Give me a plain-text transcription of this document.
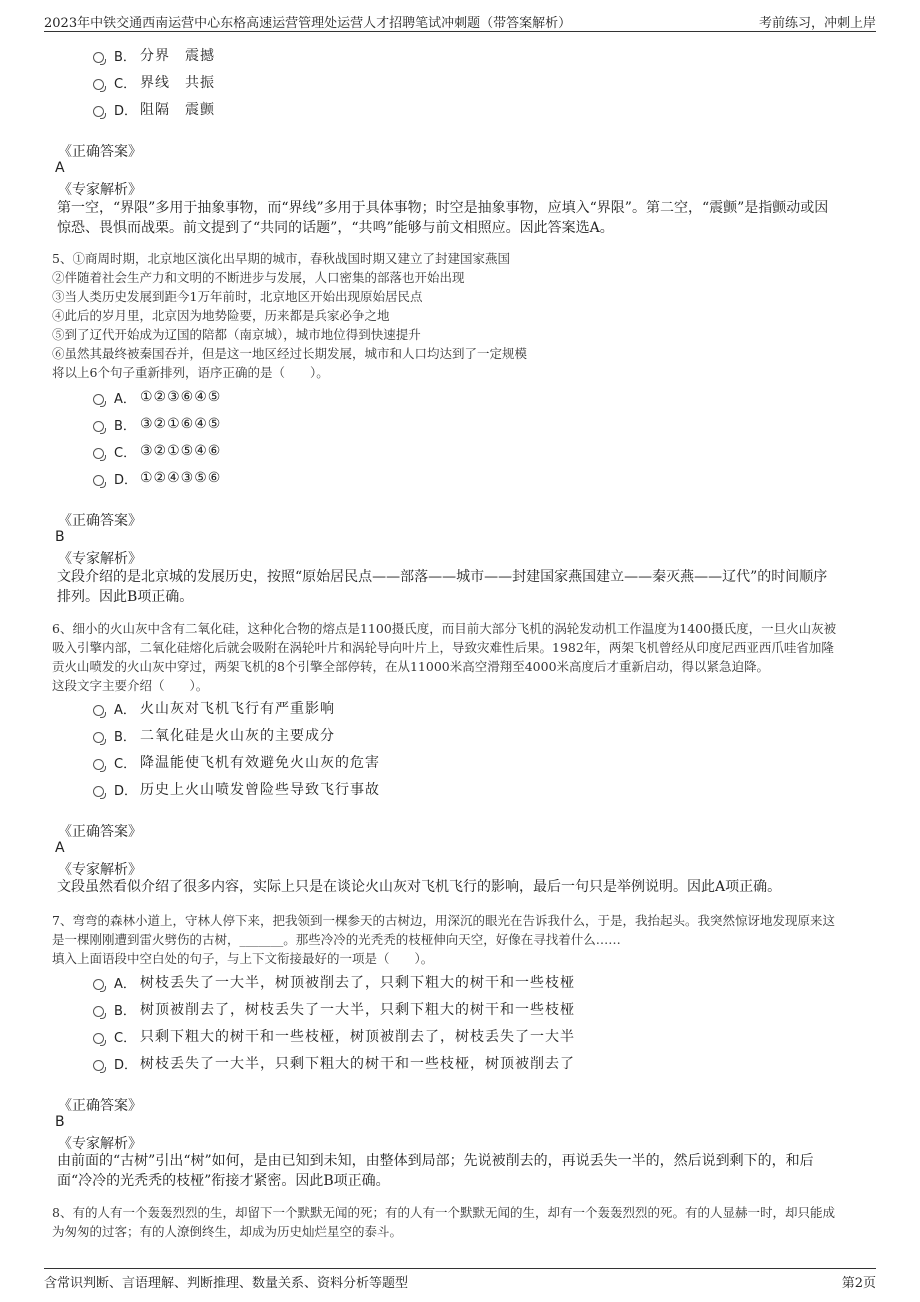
2023年中铁交通西南运营中心东格高速运营管理处运营人才招聘笔试冲刺题（带答案解析）	考前练习，冲刺上岸

B． 分界　震撼
C． 界线　共振
D． 阻隔　震颤
《正确答案》
A
《专家解析》
第一空，“界限”多用于抽象事物，而“界线”多用于具体事物；时空是抽象事物，应填入“界限”。第二空，“震颤”是指颤动或因
惊恐、畏惧而战栗。前文提到了“共同的话题”，“共鸣”能够与前文相照应。因此答案选A。

5、①商周时期，北京地区演化出早期的城市，春秋战国时期又建立了封建国家燕国

②伴随着社会生产力和文明的不断进步与发展，人口密集的部落也开始出现

③当人类历史发展到距今1万年前时，北京地区开始出现原始居民点

④此后的岁月里，北京因为地势险要，历来都是兵家必争之地

⑤到了辽代开始成为辽国的陪都（南京城），城市地位得到快速提升

⑥虽然其最终被秦国吞并，但是这一地区经过长期发展，城市和人口均达到了一定规模

将以上6个句子重新排列，语序正确的是（　　）。

A． ①②③⑥④⑤
B． ③②①⑥④⑤
C． ③②①⑤④⑥
D． ①②④③⑤⑥
《正确答案》
B
《专家解析》
文段介绍的是北京城的发展历史，按照“原始居民点——部落——城市——封建国家燕国建立——秦灭燕——辽代”的时间顺序
排列。因此B项正确。

6、细小的火山灰中含有二氧化硅，这种化合物的熔点是1100摄氏度，而目前大部分飞机的涡轮发动机工作温度为1400摄氏度，一旦火山灰被

吸入引擎内部，二氧化硅熔化后就会吸附在涡轮叶片和涡轮导向叶片上，导致灾难性后果。1982年，两架飞机曾经从印度尼西亚西爪哇省加隆

贡火山喷发的火山灰中穿过，两架飞机的8个引擎全部停转，在从11000米高空滑翔至4000米高度后才重新启动，得以紧急迫降。

这段文字主要介绍（　　）。

A． 火山灰对飞机飞行有严重影响
B． 二氧化硅是火山灰的主要成分
C． 降温能使飞机有效避免火山灰的危害
D． 历史上火山喷发曾险些导致飞行事故
《正确答案》
A
《专家解析》
文段虽然看似介绍了很多内容，实际上只是在谈论火山灰对飞机飞行的影响，最后一句只是举例说明。因此A项正确。

7、弯弯的森林小道上，守林人停下来，把我领到一棵参天的古树边，用深沉的眼光在告诉我什么，于是，我抬起头。我突然惊讶地发现原来这

是一棵刚刚遭到雷火劈伤的古树，_______。那些冷冷的光秃秃的枝桠伸向天空，好像在寻找着什么……

填入上面语段中空白处的句子，与上下文衔接最好的一项是（　　）。

A． 树枝丢失了一大半，树顶被削去了，只剩下粗大的树干和一些枝桠
B． 树顶被削去了，树枝丢失了一大半，只剩下粗大的树干和一些枝桠
C． 只剩下粗大的树干和一些枝桠，树顶被削去了，树枝丢失了一大半
D． 树枝丢失了一大半，只剩下粗大的树干和一些枝桠，树顶被削去了
《正确答案》
B
《专家解析》
由前面的“古树”引出“树”如何，是由已知到未知，由整体到局部；先说被削去的，再说丢失一半的，然后说到剩下的，和后
面“冷冷的光秃秃的枝桠”衔接才紧密。因此B项正确。

8、有的人有一个轰轰烈烈的生，却留下一个默默无闻的死；有的人有一个默默无闻的生，却有一个轰轰烈烈的死。有的人显赫一时，却只能成

为匆匆的过客；有的人潦倒终生，却成为历史灿烂星空的泰斗。

含常识判断、言语理解、判断推理、数量关系、资料分析等题型	第2页
